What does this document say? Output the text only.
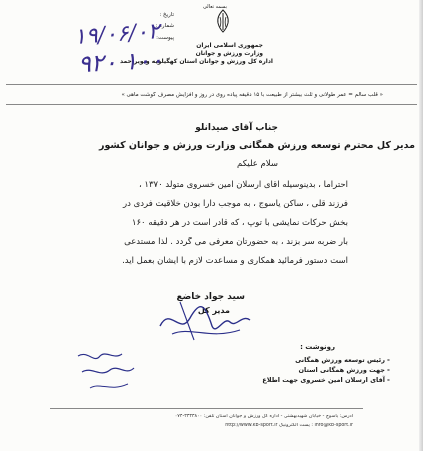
بسمه تعالی
جمهوری اسلامی ایران
وزارت ورزش و جوانان
اداره کل ورزش و جوانان استان کهگیلویه وبویراحمد
تاریخ :
شماره :
پیوست:
۱۹/۰۶/۰۲
۹۲۰ ۱۰۰
« قلب سالم = عمر طولانی و ثلث بیشتر از طبیعت با ۱۵ دقیقه پیاده روی در روز و افزایش مصرف گوشت ماهی »
جناب آقای صیدانلو
مدیر کل محترم توسعه ورزش همگانی وزارت ورزش و جوانان کشور
سلام علیکم
احتراما ، بدینوسیله آقای ارسلان امین خسروی متولد ۱۳۷۰ ،
فرزند قلی ، ساکن یاسوج ، به موجب دارا بودن خلاقیت فردی در
بخش حرکات نمایشی با توپ ، که قادر است در هر دقیقه ۱۶۰
بار ضربه سر بزند ، به حضورتان معرفی می گردد . لذا مستدعی
است دستور فرمائید همکاری و مساعدت لازم با ایشان بعمل آید.
سید جواد خاضع
مدیر کل
رونوشت :
رئیس توسعه ورزش همگانی
جهت ورزش همگانی استان
آقای ارسلان امین خسروی جهت اطلاع
-
-
-
آدرس: یاسوج - خیابان شهیدبهشتی - اداره کل ورزش و جوانان استان تلفن: ۳۳۳۳۸۰۰-۰۷۴
http://www.kb-sport.ir پست الکترونیک : info@kb-sport.ir
